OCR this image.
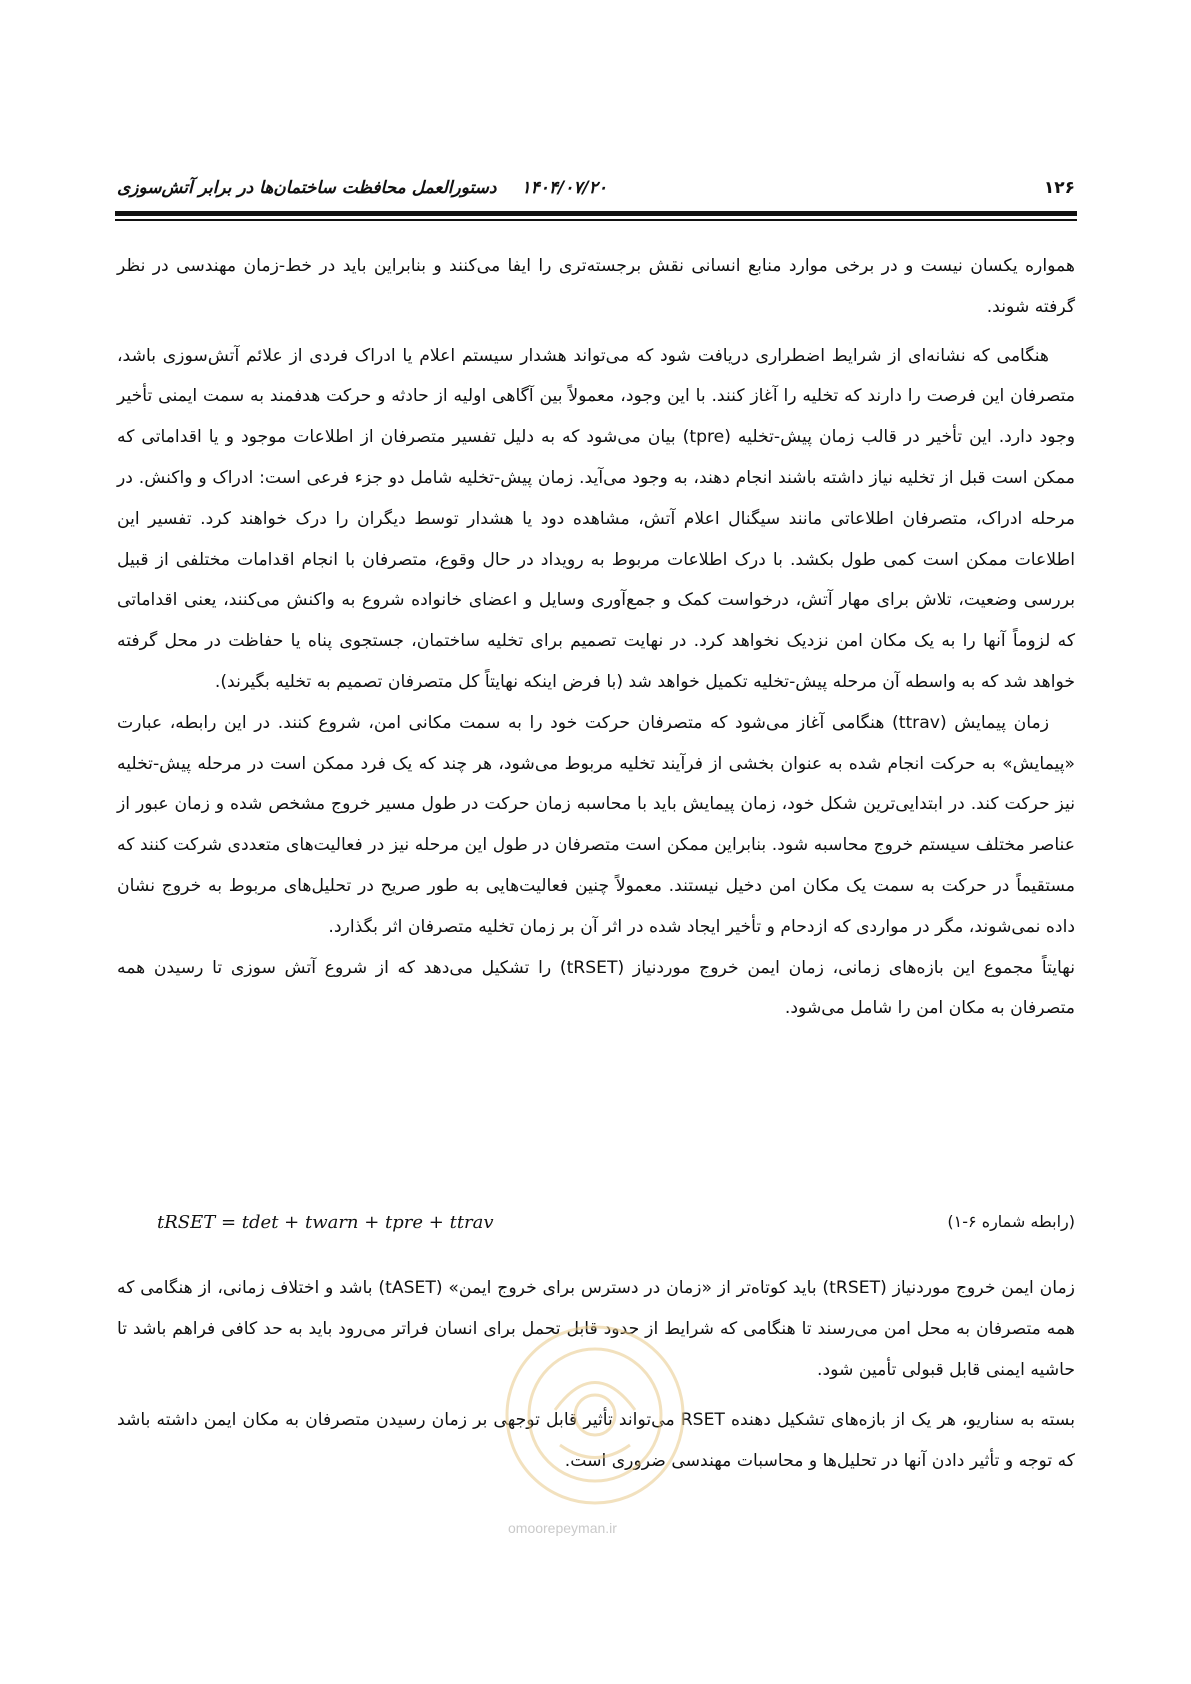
۱۲۶
۱۴۰۴/۰۷/۲۰
دستورالعمل محافظت ساختمان‌ها در برابر آتش‌سوزی

همواره یکسان نیست و در برخی موارد منابع انسانی نقش برجسته‌تری را ایفا می‌کنند و بنابراین باید در خط-زمان مهندسی در نظر گرفته شوند.

هنگامی که نشانه‌ای از شرایط اضطراری دریافت شود که می‌تواند هشدار سیستم اعلام یا ادراک فردی از علائم آتش‌سوزی باشد، متصرفان این فرصت را دارند که تخلیه را آغاز کنند. با این وجود، معمولاً بین آگاهی اولیه از حادثه و حرکت هدفمند به سمت ایمنی تأخیر وجود دارد. این تأخیر در قالب زمان پیش-تخلیه (tpre) بیان می‌شود که به دلیل تفسیر متصرفان از اطلاعات موجود و یا اقداماتی که ممکن است قبل از تخلیه نیاز داشته باشند انجام دهند، به وجود می‌آید. زمان پیش-تخلیه شامل دو جزء فرعی است: ادراک و واکنش. در مرحله ادراک، متصرفان اطلاعاتی مانند سیگنال اعلام آتش، مشاهده دود یا هشدار توسط دیگران را درک خواهند کرد. تفسیر این اطلاعات ممکن است کمی طول بکشد. با درک اطلاعات مربوط به رویداد در حال وقوع، متصرفان با انجام اقدامات مختلفی از قبیل بررسی وضعیت، تلاش برای مهار آتش، درخواست کمک و جمع‌آوری وسایل و اعضای خانواده شروع به واکنش می‌کنند، یعنی اقداماتی که لزوماً آنها را به یک مکان امن نزدیک نخواهد کرد. در نهایت تصمیم برای تخلیه ساختمان، جستجوی پناه یا حفاظت در محل گرفته خواهد شد که به واسطه آن مرحله پیش-تخلیه تکمیل خواهد شد (با فرض اینکه نهایتاً کل متصرفان تصمیم به تخلیه بگیرند).

زمان پیمایش (ttrav) هنگامی آغاز می‌شود که متصرفان حرکت خود را به سمت مکانی امن، شروع کنند. در این رابطه، عبارت «پیمایش» به حرکت انجام شده به عنوان بخشی از فرآیند تخلیه مربوط می‌شود، هر چند که یک فرد ممکن است در مرحله پیش-تخلیه نیز حرکت کند. در ابتدایی‌ترین شکل خود، زمان پیمایش باید با محاسبه زمان حرکت در طول مسیر خروج مشخص شده و زمان عبور از عناصر مختلف سیستم خروج محاسبه شود. بنابراین ممکن است متصرفان در طول این مرحله نیز در فعالیت‌های متعددی شرکت کنند که مستقیماً در حرکت به سمت یک مکان امن دخیل نیستند. معمولاً چنین فعالیت‌هایی به طور صریح در تحلیل‌های مربوط به خروج نشان داده نمی‌شوند، مگر در مواردی که ازدحام و تأخیر ایجاد شده در اثر آن بر زمان تخلیه متصرفان اثر بگذارد.

نهایتاً مجموع این بازه‌های زمانی، زمان ایمن خروج موردنیاز (tRSET) را تشکیل می‌دهد که از شروع آتش سوزی تا رسیدن همه متصرفان به مکان امن را شامل می‌شود.

tRSET = tdet + twarn + tpre + ttrav	(رابطه شماره ۶-۱)
زمان ایمن خروج موردنیاز (tRSET) باید کوتاه‌تر از «زمان در دسترس برای خروج ایمن» (tASET) باشد و اختلاف زمانی، از هنگامی که همه متصرفان به محل امن می‌رسند تا هنگامی که شرایط از حدود قابل تحمل برای انسان فراتر می‌رود باید به حد کافی فراهم باشد تا حاشیه ایمنی قابل قبولی تأمین شود.
بسته به سناریو، هر یک از بازه‌های تشکیل دهنده RSET می‌تواند تأثیر قابل توجهی بر زمان رسیدن متصرفان به مکان ایمن داشته باشد که توجه و تأثیر دادن آنها در تحلیل‌ها و محاسبات مهندسی ضروری است.
omoorepeyman.ir
